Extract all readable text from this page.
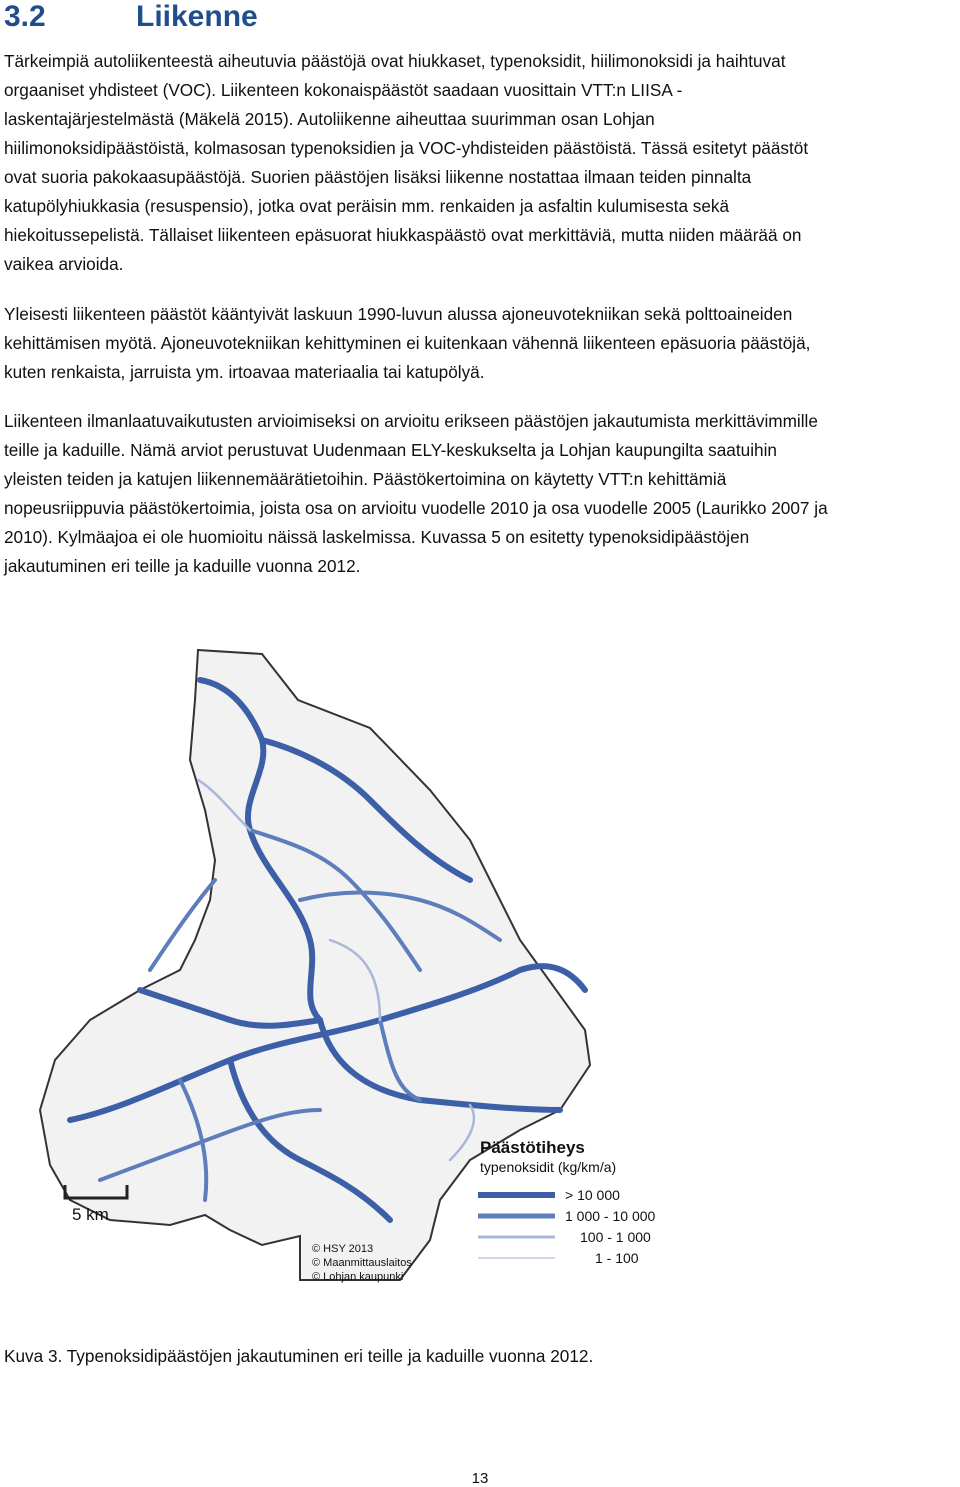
3.2	Liikenne

Tärkeimpiä autoliikenteestä aiheutuvia päästöjä ovat hiukkaset, typenoksidit, hiilimonoksidi ja haihtuvat
orgaaniset yhdisteet (VOC). Liikenteen kokonaispäästöt saadaan vuosittain VTT:n LIISA -
laskentajärjestelmästä (Mäkelä 2015). Autoliikenne aiheuttaa suurimman osan Lohjan
hiilimonoksidipäästöistä, kolmasosan typenoksidien ja VOC-yhdisteiden päästöistä. Tässä esitetyt päästöt
ovat suoria pakokaasupäästöjä. Suorien päästöjen lisäksi liikenne nostattaa ilmaan teiden pinnalta
katupölyhiukkasia (resuspensio), jotka ovat peräisin mm. renkaiden ja asfaltin kulumisesta sekä
hiekoitussepelistä. Tällaiset liikenteen epäsuorat hiukkaspäästö ovat merkittäviä, mutta niiden määrää on
vaikea arvioida.

Yleisesti liikenteen päästöt kääntyivät laskuun 1990-luvun alussa ajoneuvotekniikan sekä polttoaineiden
kehittämisen myötä. Ajoneuvotekniikan kehittyminen ei kuitenkaan vähennä liikenteen epäsuoria päästöjä,
kuten renkaista, jarruista ym. irtoavaa materiaalia tai katupölyä.

Liikenteen ilmanlaatuvaikutusten arvioimiseksi on arvioitu erikseen päästöjen jakautumista merkittävimmille
teille ja kaduille. Nämä arviot perustuvat Uudenmaan ELY-keskukselta ja Lohjan kaupungilta saatuihin
yleisten teiden ja katujen liikennemäärätietoihin. Päästökertoimina on käytetty VTT:n kehittämiä
nopeusriippuvia päästökertoimia, joista osa on arvioitu vuodelle 2010 ja osa vuodelle 2005 (Laurikko 2007 ja
2010). Kylmäajoa ei ole huomioitu näissä laskelmissa. Kuvassa 5 on esitetty typenoksidipäästöjen
jakautuminen eri teille ja kaduille vuonna 2012.

5 km
© HSY 2013
© Maanmittauslaitos
© Lohjan kaupunki
Päästötiheys
typenoksidit (kg/km/a)
> 10 000
1 000 - 10 000
100 - 1 000
1 - 100
Kuva 3. Typenoksidipäästöjen jakautuminen eri teille ja kaduille vuonna 2012.
13
